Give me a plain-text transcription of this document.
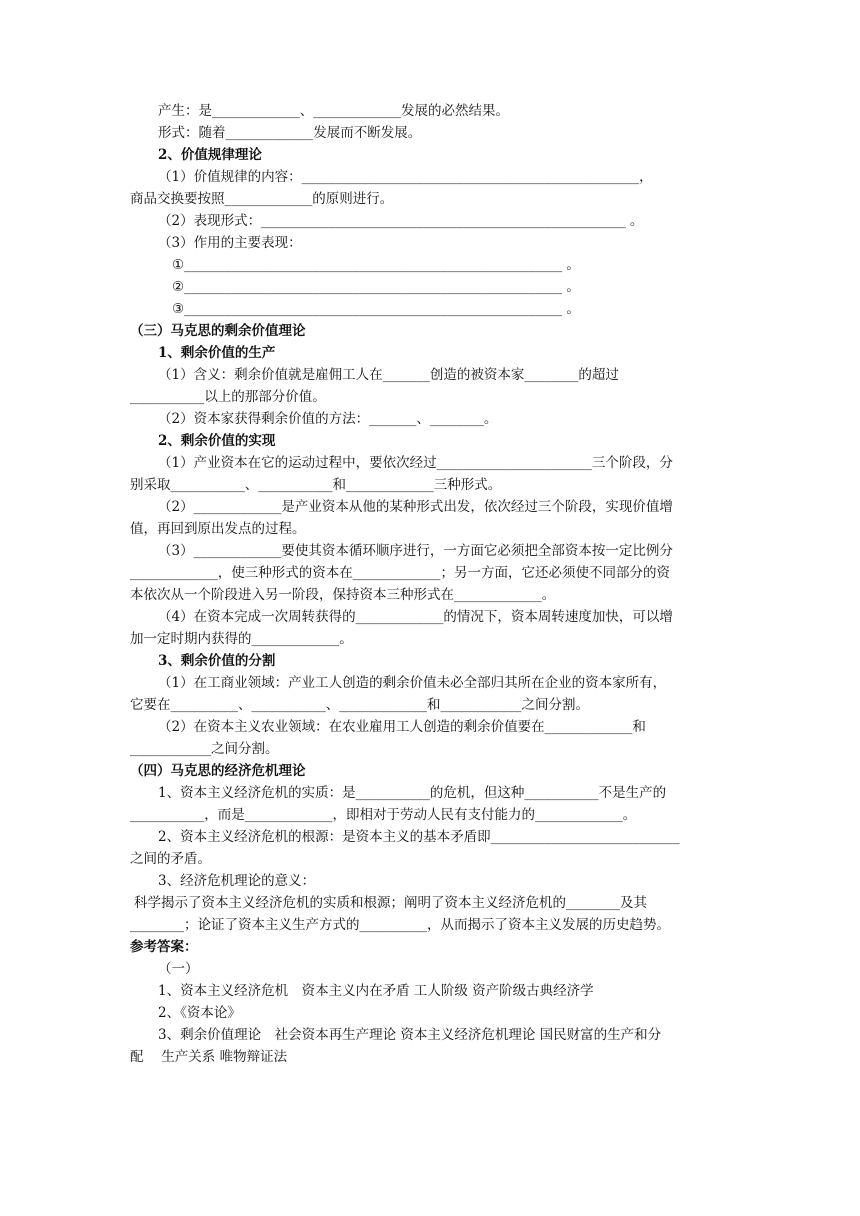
产生：是_____________、_____________发展的必然结果。
形式：随着_____________发展而不断发展。
2、价值规律理论
（1）价值规律的内容：__________________________________________________，
商品交换要按照_____________的原则进行。
（2）表现形式：______________________________________________________ 。
（3）作用的主要表现：
①________________________________________________________ 。
②________________________________________________________ 。
③________________________________________________________ 。
（三）马克思的剩余价值理论
1、剩余价值的生产
（1）含义：剩余价值就是雇佣工人在_______创造的被资本家________的超过
___________以上的那部分价值。
（2）资本家获得剩余价值的方法：_______、________。
2、剩余价值的实现
（1）产业资本在它的运动过程中，要依次经过_______________________三个阶段，分
别采取___________、___________和_____________三种形式。
（2）_____________是产业资本从他的某种形式出发，依次经过三个阶段，实现价值增
值，再回到原出发点的过程。
（3）_____________要使其资本循环顺序进行，一方面它必须把全部资本按一定比例分
_____________，使三种形式的资本在_____________；另一方面，它还必须使不同部分的资
本依次从一个阶段进入另一阶段，保持资本三种形式在_____________。
（4）在资本完成一次周转获得的_____________的情况下，资本周转速度加快，可以增
加一定时期内获得的_____________。
3、剩余价值的分割
（1）在工商业领域：产业工人创造的剩余价值未必全部归其所在企业的资本家所有，
它要在__________、___________、_____________和____________之间分割。
（2）在资本主义农业领域：在农业雇用工人创造的剩余价值要在_____________和
____________之间分割。
（四）马克思的经济危机理论
1、资本主义经济危机的实质：是___________的危机，但这种___________不是生产的
___________，而是_____________，即相对于劳动人民有支付能力的_____________。
2、资本主义经济危机的根源：是资本主义的基本矛盾即____________________________
之间的矛盾。
3、经济危机理论的意义：
科学揭示了资本主义经济危机的实质和根源；阐明了资本主义经济危机的________及其
________；论证了资本主义生产方式的__________，从而揭示了资本主义发展的历史趋势。
参考答案：
（一）
1、资本主义经济危机　资本主义内在矛盾 工人阶级 资产阶级古典经济学
2、《资本论》
3、剩余价值理论　社会资本再生产理论 资本主义经济危机理论 国民财富的生产和分
配　 生产关系 唯物辩证法
